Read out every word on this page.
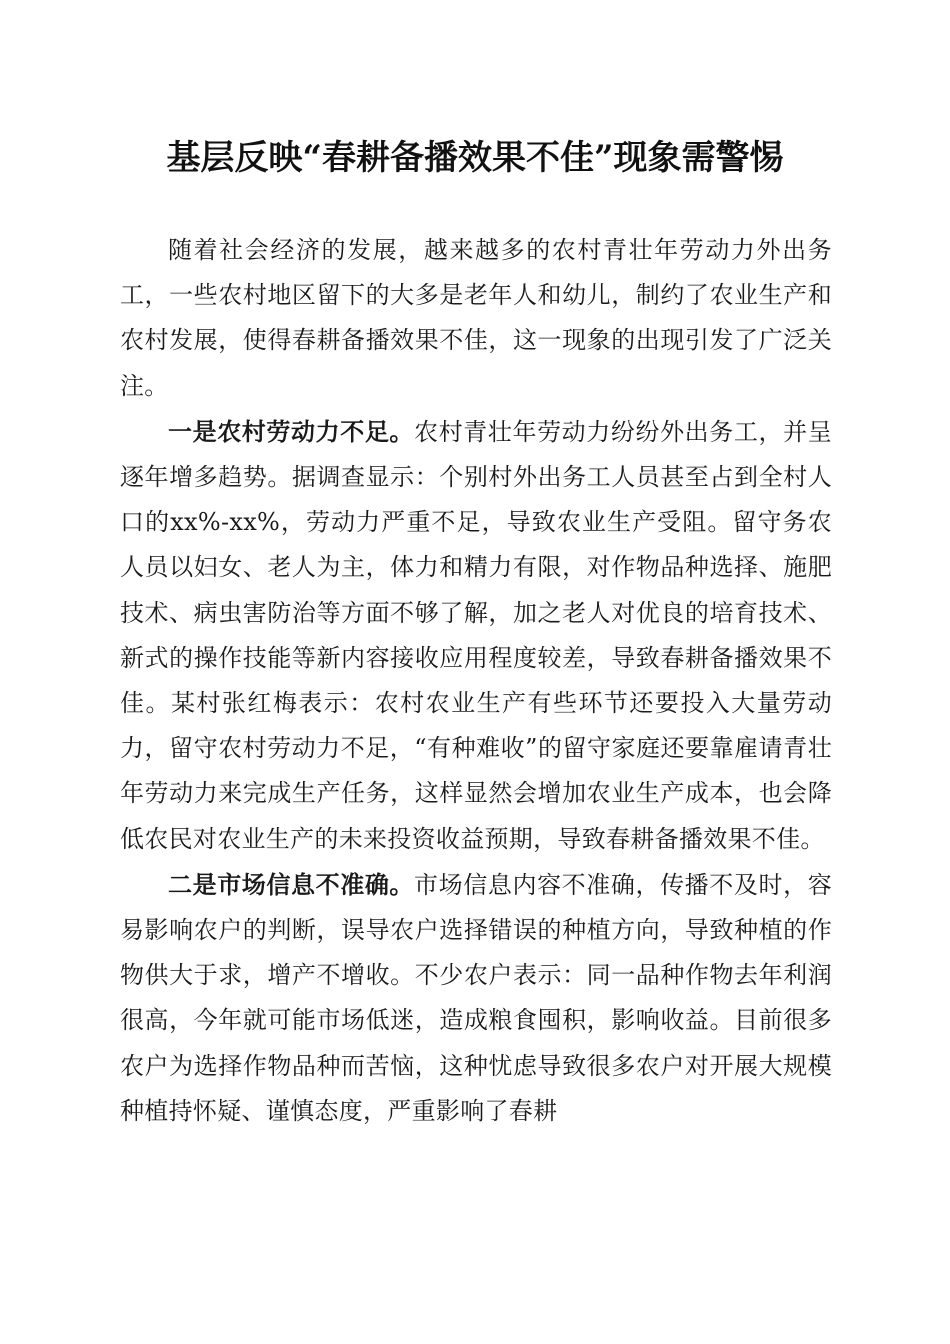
基层反映“春耕备播效果不佳”现象需警惕

随着社会经济的发展，越来越多的农村青壮年劳动力外出务工，一些农村地区留下的大多是老年人和幼儿，制约了农业生产和农村发展，使得春耕备播效果不佳，这一现象的出现引发了广泛关注。

一是农村劳动力不足。农村青壮年劳动力纷纷外出务工，并呈逐年增多趋势。据调查显示：个别村外出务工人员甚至占到全村人口的xx%-xx%，劳动力严重不足，导致农业生产受阻。留守务农人员以妇女、老人为主，体力和精力有限，对作物品种选择、施肥技术、病虫害防治等方面不够了解，加之老人对优良的培育技术、新式的操作技能等新内容接收应用程度较差，导致春耕备播效果不佳。某村张红梅表示：农村农业生产有些环节还要投入大量劳动力，留守农村劳动力不足，“有种难收”的留守家庭还要靠雇请青壮年劳动力来完成生产任务，这样显然会增加农业生产成本，也会降低农民对农业生产的未来投资收益预期，导致春耕备播效果不佳。

二是市场信息不准确。市场信息内容不准确，传播不及时，容易影响农户的判断，误导农户选择错误的种植方向，导致种植的作物供大于求，增产不增收。不少农户表示：同一品种作物去年利润很高，今年就可能市场低迷，造成粮食囤积，影响收益。目前很多农户为选择作物品种而苦恼，这种忧虑导致很多农户对开展大规模种植持怀疑、谨慎态度，严重影响了春耕
